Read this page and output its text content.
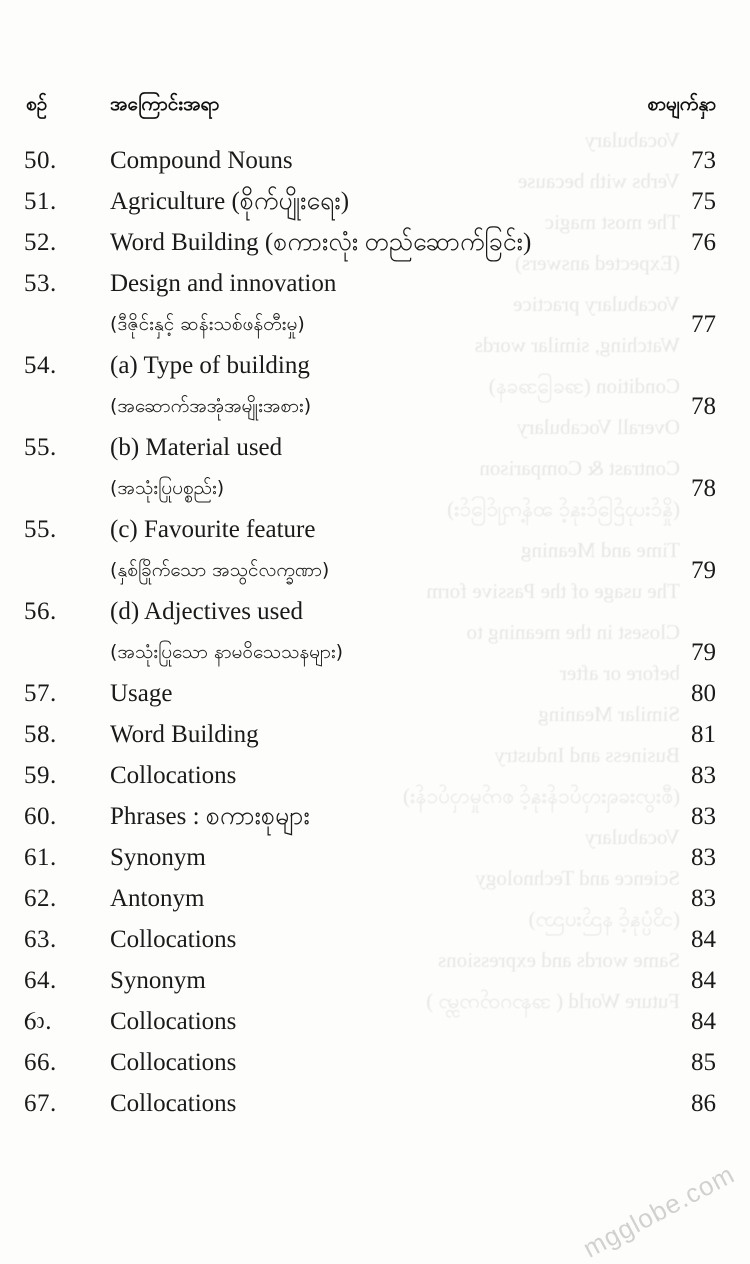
Vocabulary
Verbs with because
The most magic
(Expected answers)
Vocabulary practice
Watching, similar words
Condition (အခြေအနေ)
Overall Vocabulary
Contrast & Comparison
(နှိုင်းယှဉ်ခြင်းနှင့် ဆန့်ကျင်ခြင်း)
Time and Meaning
The usage of the Passive form
Closest in the meaning to
before or after
Similar Meaning
Business and Industry
(စီးပွားရေးလုပ်ငန်းနှင့် စက်မှုလုပ်ငန်း)
Vocabulary
Science and Technology
(သိပ္ပံနှင့် နည်းပညာ)
Same words and expressions
Future World ( အနာဂတ်ကမ္ဘာ )
စဉ်	အကြောင်းအရာ	စာမျက်နှာ
50.	Compound Nouns	73
51.	Agriculture (စိုက်ပျိုးရေး)	75
52.	Word Building (စကားလုံး တည်ဆောက်ခြင်း)	76
53.	Design and innovation
(ဒီဇိုင်းနှင့် ဆန်းသစ်ဖန်တီးမှု)	77
54.	(a) Type of building
(အဆောက်အအုံအမျိုးအစား)	78
55.	(b) Material used
(အသုံးပြုပစ္စည်း)	78
55.	(c) Favourite feature
(နှစ်ခြိုက်သော အသွင်လက္ခဏာ)	79
56.	(d) Adjectives used
(အသုံးပြုသော နာမဝိသေသနများ)	79
57.	Usage	80
58.	Word Building	81
59.	Collocations	83
60.	Phrases : စကားစုများ	83
61.	Synonym	83
62.	Antonym	83
63.	Collocations	84
64.	Synonym	84
6ා.	Collocations	84
66.	Collocations	85
67.	Collocations	86
mgglobe.com
